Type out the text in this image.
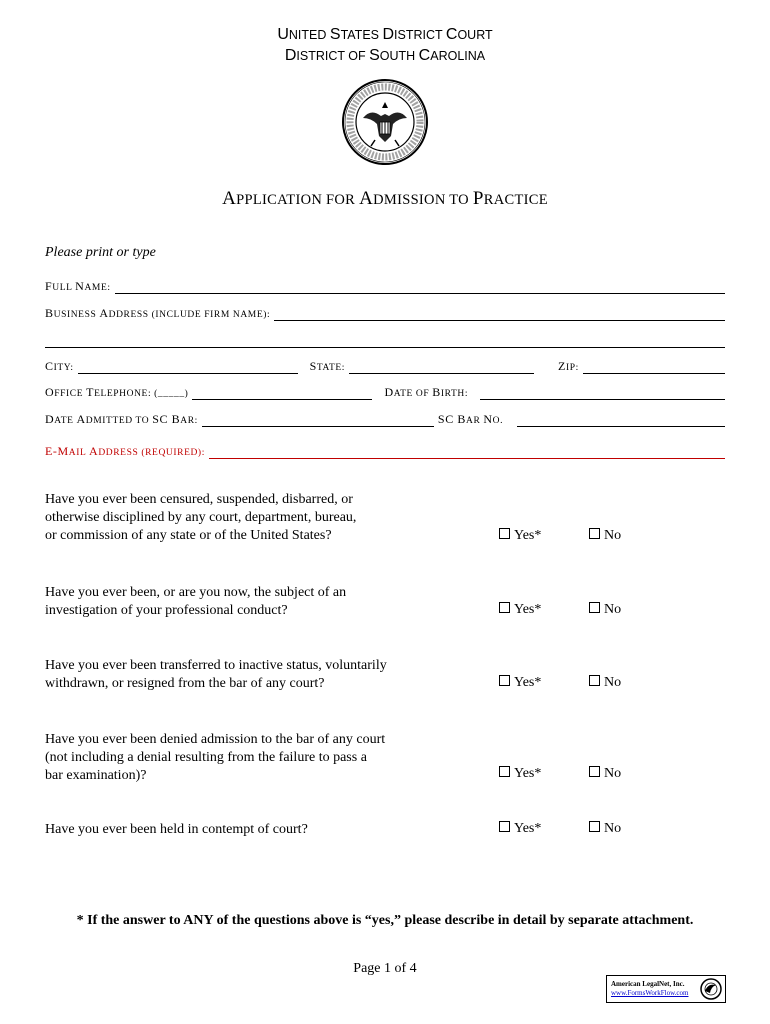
UNITED STATES DISTRICT COURT
DISTRICT OF SOUTH CAROLINA
APPLICATION FOR ADMISSION TO PRACTICE
Please print or type
FULL NAME:
BUSINESS ADDRESS (INCLUDE FIRM NAME):
CITY:	STATE:	ZIP:
OFFICE TELEPHONE: (_____)	DATE OF BIRTH:
DATE ADMITTED TO SC BAR:	SC BAR NO.
E-MAIL ADDRESS (REQUIRED):
Have you ever been censured, suspended, disbarred, or
otherwise disciplined by any court, department, bureau,
or commission of any state or of the United States?	Yes*	No
Have you ever been, or are you now, the subject of an
investigation of your professional conduct?	Yes*	No
Have you ever been transferred to inactive status, voluntarily
withdrawn, or resigned from the bar of any court?	Yes*	No
Have you ever been denied admission to the bar of any court
(not including a denial resulting from the failure to pass a
bar examination)?	Yes*	No
Have you ever been held in contempt of court?	Yes*	No
* If the answer to ANY of the questions above is “yes,” please describe in detail by separate attachment.
Page 1 of 4
American LegalNet, Inc.
www.FormsWorkFlow.com
